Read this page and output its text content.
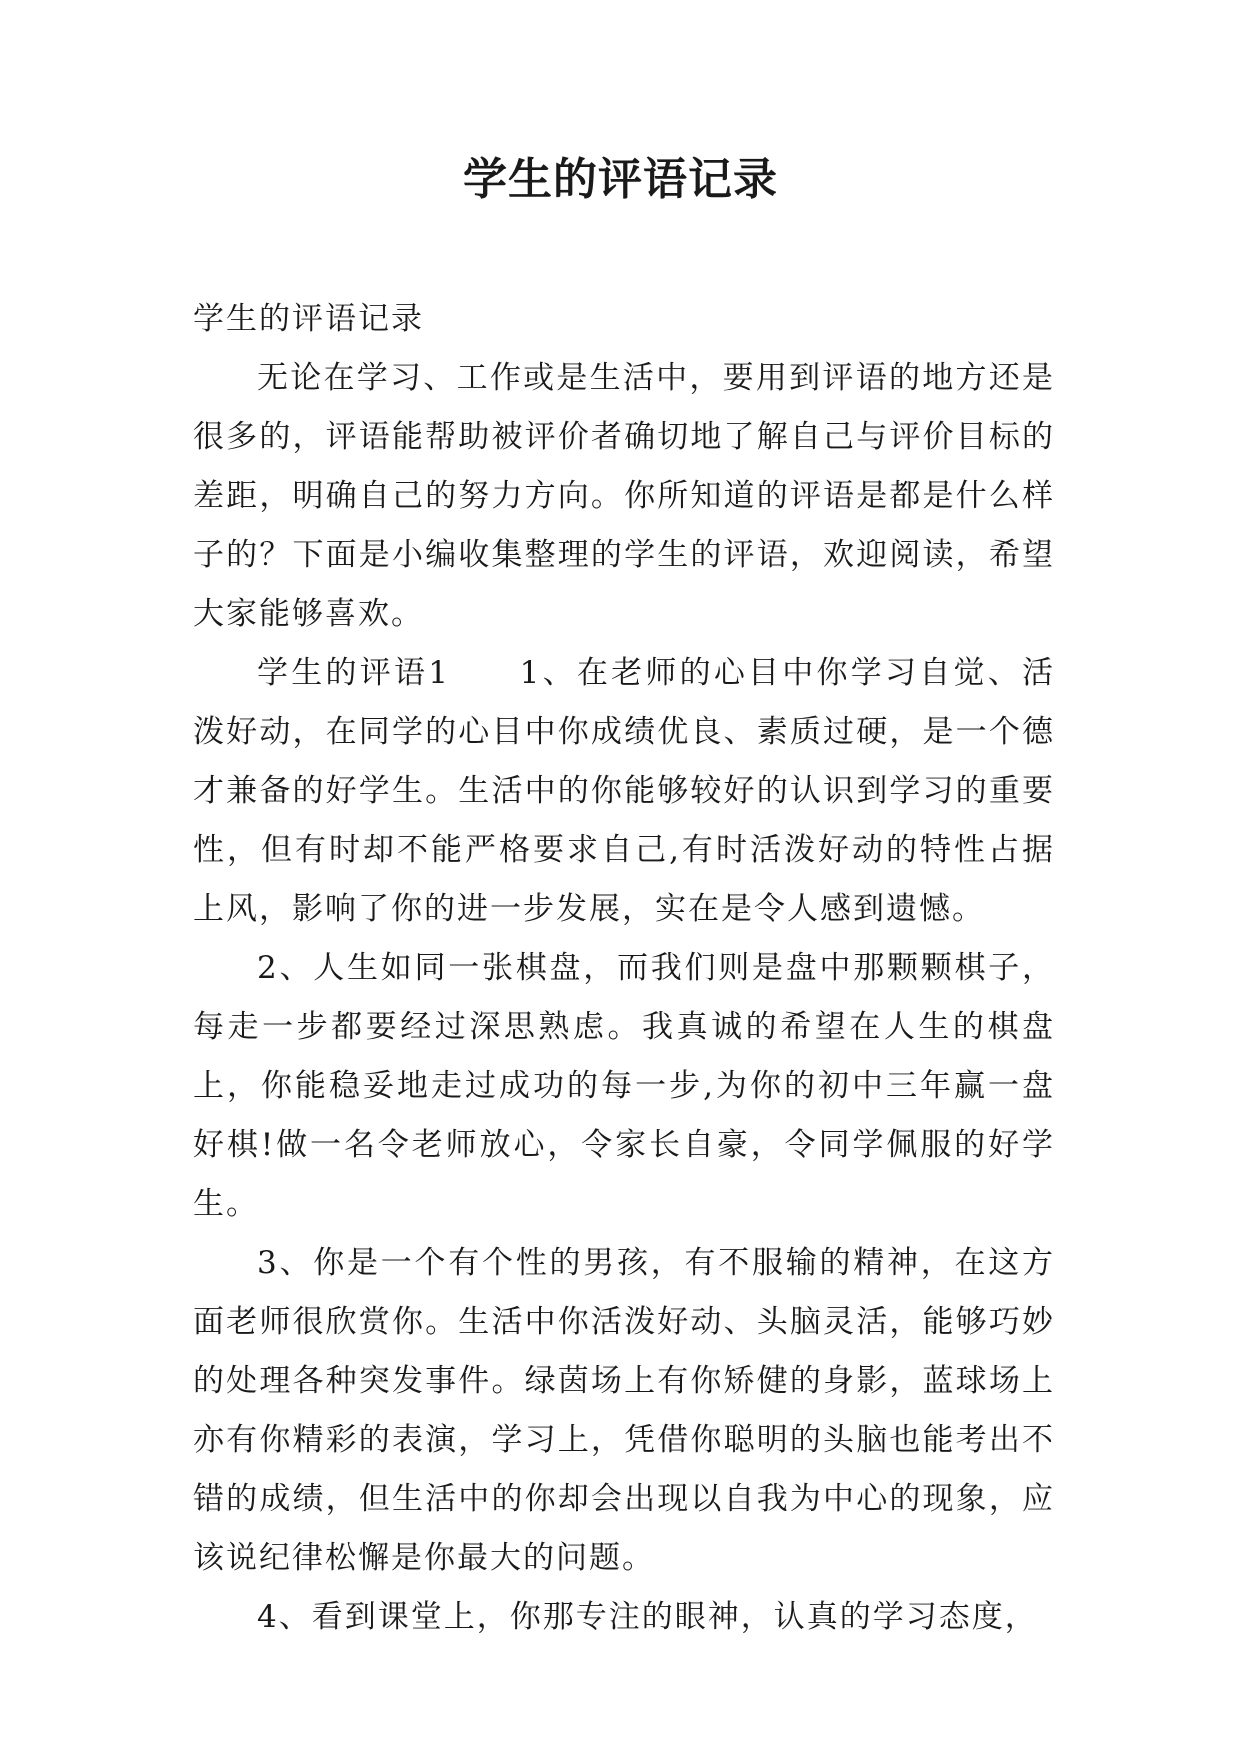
学生的评语记录

学生的评语记录

无论在学习、工作或是生活中，要用到评语的地方还是很多的，评语能帮助被评价者确切地了解自己与评价目标的差距，明确自己的努力方向。你所知道的评语是都是什么样子的？下面是小编收集整理的学生的评语，欢迎阅读，希望大家能够喜欢。

学生的评语1　　1、在老师的心目中你学习自觉、活泼好动，在同学的心目中你成绩优良、素质过硬，是一个德才兼备的好学生。生活中的你能够较好的认识到学习的重要性，但有时却不能严格要求自己,有时活泼好动的特性占据上风，影响了你的进一步发展，实在是令人感到遗憾。

2、人生如同一张棋盘，而我们则是盘中那颗颗棋子，每走一步都要经过深思熟虑。我真诚的希望在人生的棋盘上，你能稳妥地走过成功的每一步,为你的初中三年赢一盘好棋!做一名令老师放心，令家长自豪，令同学佩服的好学生。

3、你是一个有个性的男孩，有不服输的精神，在这方面老师很欣赏你。生活中你活泼好动、头脑灵活，能够巧妙的处理各种突发事件。绿茵场上有你矫健的身影，蓝球场上亦有你精彩的表演，学习上，凭借你聪明的头脑也能考出不错的成绩，但生活中的你却会出现以自我为中心的现象，应该说纪律松懈是你最大的问题。

4、看到课堂上，你那专注的眼神，认真的学习态度，
